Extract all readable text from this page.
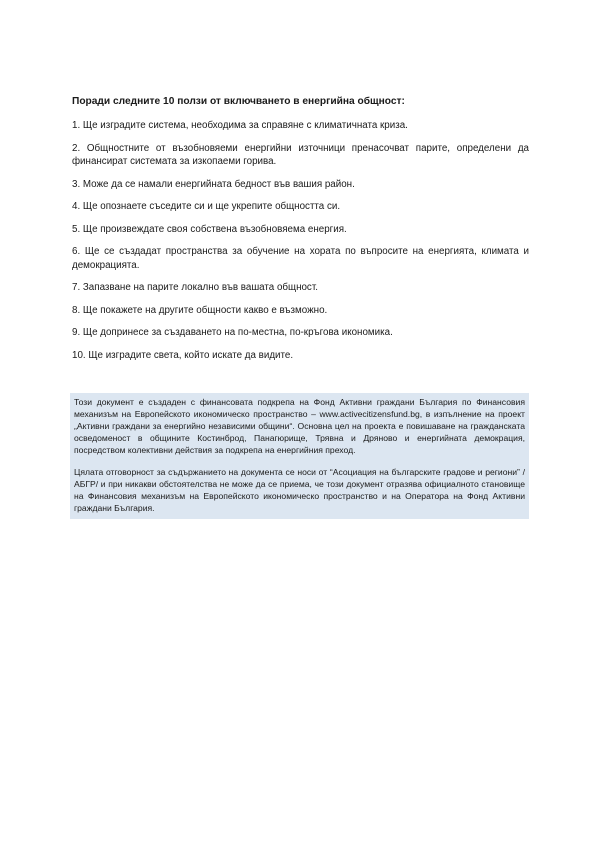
Поради следните 10 ползи от включването в енергийна общност:

1. Ще изградите система, необходима за справяне с климатичната криза.

2. Общностните от възобновяеми енергийни източници пренасочват парите, определени да финансират системата за изкопаеми горива.

3. Може да се намали енергийната бедност във вашия район.

4. Ще опознаете съседите си и ще укрепите общността си.

5. Ще произвеждате своя собствена възобновяема енергия.

6. Ще се създадат пространства за обучение на хората по въпросите на енергията, климата и демокрацията.

7. Запазване на парите локално във вашата общност.

8. Ще покажете на другите общности какво е възможно.

9. Ще допринесе за създаването на по-местна, по-кръгова икономика.

10. Ще изградите света, който искате да видите.

Този документ е създаден с финансовата подкрепа на Фонд Активни граждани България по Финансовия механизъм на Европейското икономическо пространство – www.activecitizensfund.bg, в изпълнение на проект „Активни граждани за енергийно независими общини“. Основна цел на проекта е повишаване на гражданската осведоменост в общините Костинброд, Панагюрище, Трявна и Дряново и енергийната демокрация, посредством колективни действия за подкрепа на енергийния преход.

Цялата отговорност за съдържанието на документа се носи от “Асоциация на българските градове и региони” /АБГР/ и при никакви обстоятелства не може да се приема, че този документ отразява официалното становище на Финансовия механизъм на Европейското икономическо пространство и на Оператора на Фонд Активни граждани България.
